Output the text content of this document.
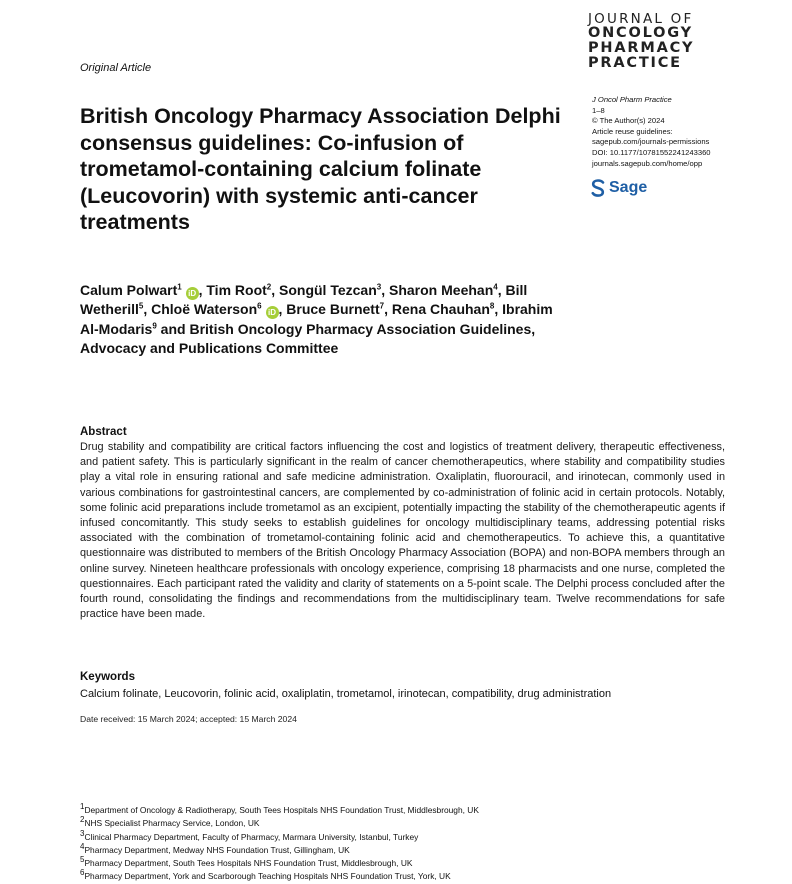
JOURNAL OF
ONCOLOGY
PHARMACY
PRACTICE
Original Article
British Oncology Pharmacy Association Delphi consensus guidelines: Co-infusion of trometamol-containing calcium folinate (Leucovorin) with systemic anti-cancer treatments
J Oncol Pharm Practice
1–8
© The Author(s) 2024
Article reuse guidelines:
sagepub.com/journals-permissions
DOI: 10.1177/10781552241243360
journals.sagepub.com/home/opp
Sage

Calum Polwart$^1$ iD , Tim Root$^2$, Songül Tezcan$^3$, Sharon Meehan$^4$, Bill Wetherill$^5$, Chloë Waterson$^6$ iD , Bruce Burnett$^7$, Rena Chauhan$^8$, Ibrahim Al-Modaris$^9$ and British Oncology Pharmacy Association Guidelines, Advocacy and Publications Committee

Abstract

Drug stability and compatibility are critical factors influencing the cost and logistics of treatment delivery, therapeutic effectiveness, and patient safety. This is particularly significant in the realm of cancer chemotherapeutics, where stability and compatibility studies play a vital role in ensuring rational and safe medicine administration. Oxaliplatin, fluorouracil, and irinotecan, commonly used in various combinations for gastrointestinal cancers, are complemented by co-administration of folinic acid in certain protocols. Notably, some folinic acid preparations include trometamol as an excipient, potentially impacting the stability of the chemotherapeutic agents if infused concomitantly. This study seeks to establish guidelines for oncology multidisciplinary teams, addressing potential risks associated with the combination of trometamol-containing folinic acid and chemotherapeutics. To achieve this, a quantitative questionnaire was distributed to members of the British Oncology Pharmacy Association (BOPA) and non-BOPA members through an online survey. Nineteen healthcare professionals with oncology experience, comprising 18 pharmacists and one nurse, completed the questionnaires. Each participant rated the validity and clarity of statements on a 5-point scale. The Delphi process concluded after the fourth round, consolidating the findings and recommendations from the multidisciplinary team. Twelve recommendations for safe practice have been made.

Keywords
Calcium folinate, Leucovorin, folinic acid, oxaliplatin, trometamol, irinotecan, compatibility, drug administration
Date received: 15 March 2024; accepted: 15 March 2024
$^1$Department of Oncology & Radiotherapy, South Tees Hospitals NHS Foundation Trust, Middlesbrough, UK
$^2$NHS Specialist Pharmacy Service, London, UK
$^3$Clinical Pharmacy Department, Faculty of Pharmacy, Marmara University, Istanbul, Turkey
$^4$Pharmacy Department, Medway NHS Foundation Trust, Gillingham, UK
$^5$Pharmacy Department, South Tees Hospitals NHS Foundation Trust, Middlesbrough, UK
$^6$Pharmacy Department, York and Scarborough Teaching Hospitals NHS Foundation Trust, York, UK
